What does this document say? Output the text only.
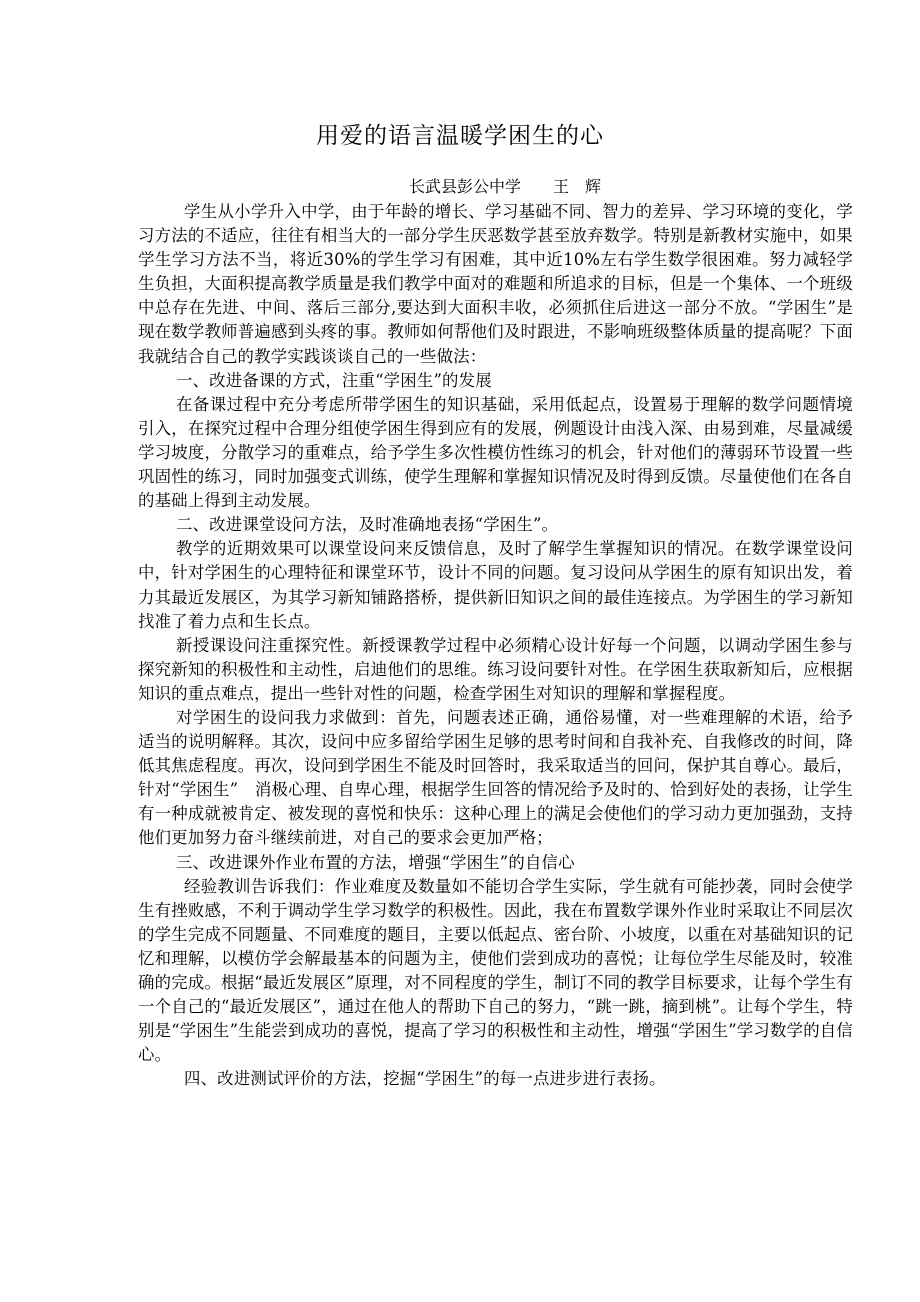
用爱的语言温暖学困生的心
长武县彭公中学　　王　辉

学生从小学升入中学，由于年龄的增长、学习基础不同、智力的差异、学习环境的变化，学习方法的不适应，往往有相当大的一部分学生厌恶数学甚至放弃数学。特别是新教材实施中，如果学生学习方法不当，将近30%的学生学习有困难，其中近10%左右学生数学很困难。努力减轻学生负担，大面积提高教学质量是我们教学中面对的难题和所追求的目标，但是一个集体、一个班级中总存在先进、中间、落后三部分,要达到大面积丰收，必须抓住后进这一部分不放。“学困生”是现在数学教师普遍感到头疼的事。教师如何帮他们及时跟进，不影响班级整体质量的提高呢？下面我就结合自己的教学实践谈谈自己的一些做法：

一、改进备课的方式，注重“学困生”的发展

在备课过程中充分考虑所带学困生的知识基础，采用低起点，设置易于理解的数学问题情境引入，在探究过程中合理分组使学困生得到应有的发展，例题设计由浅入深、由易到难，尽量减缓学习坡度，分散学习的重难点，给予学生多次性模仿性练习的机会，针对他们的薄弱环节设置一些巩固性的练习，同时加强变式训练，使学生理解和掌握知识情况及时得到反馈。尽量使他们在各自的基础上得到主动发展。

二、改进课堂设问方法，及时准确地表扬“学困生”。

教学的近期效果可以课堂设问来反馈信息，及时了解学生掌握知识的情况。在数学课堂设问中，针对学困生的心理特征和课堂环节，设计不同的问题。复习设问从学困生的原有知识出发，着力其最近发展区，为其学习新知铺路搭桥，提供新旧知识之间的最佳连接点。为学困生的学习新知找准了着力点和生长点。

新授课设问注重探究性。新授课教学过程中必须精心设计好每一个问题，以调动学困生参与探究新知的积极性和主动性，启迪他们的思维。练习设问要针对性。在学困生获取新知后，应根据知识的重点难点，提出一些针对性的问题，检查学困生对知识的理解和掌握程度。

对学困生的设问我力求做到：首先，问题表述正确，通俗易懂，对一些难理解的术语，给予适当的说明解释。其次，设问中应多留给学困生足够的思考时间和自我补充、自我修改的时间，降低其焦虑程度。再次，设问到学困生不能及时回答时，我采取适当的回问，保护其自尊心。最后，针对“学困生”　消极心理、自卑心理，根据学生回答的情况给予及时的、恰到好处的表扬，让学生有一种成就被肯定、被发现的喜悦和快乐：这种心理上的满足会使他们的学习动力更加强劲，支持他们更加努力奋斗继续前进，对自己的要求会更加严格；

三、改进课外作业布置的方法，增强“学困生”的自信心

经验教训告诉我们：作业难度及数量如不能切合学生实际，学生就有可能抄袭，同时会使学生有挫败感，不利于调动学生学习数学的积极性。因此，我在布置数学课外作业时采取让不同层次的学生完成不同题量、不同难度的题目，主要以低起点、密台阶、小坡度，以重在对基础知识的记忆和理解，以模仿学会解最基本的问题为主，使他们尝到成功的喜悦；让每位学生尽能及时，较准确的完成。根据“最近发展区”原理，对不同程度的学生，制订不同的教学目标要求，让每个学生有一个自己的“最近发展区”，通过在他人的帮助下自己的努力，“跳一跳，摘到桃”。让每个学生，特别是“学困生”生能尝到成功的喜悦，提高了学习的积极性和主动性，增强“学困生”学习数学的自信心。

四、改进测试评价的方法，挖掘“学困生”的每一点进步进行表扬。
